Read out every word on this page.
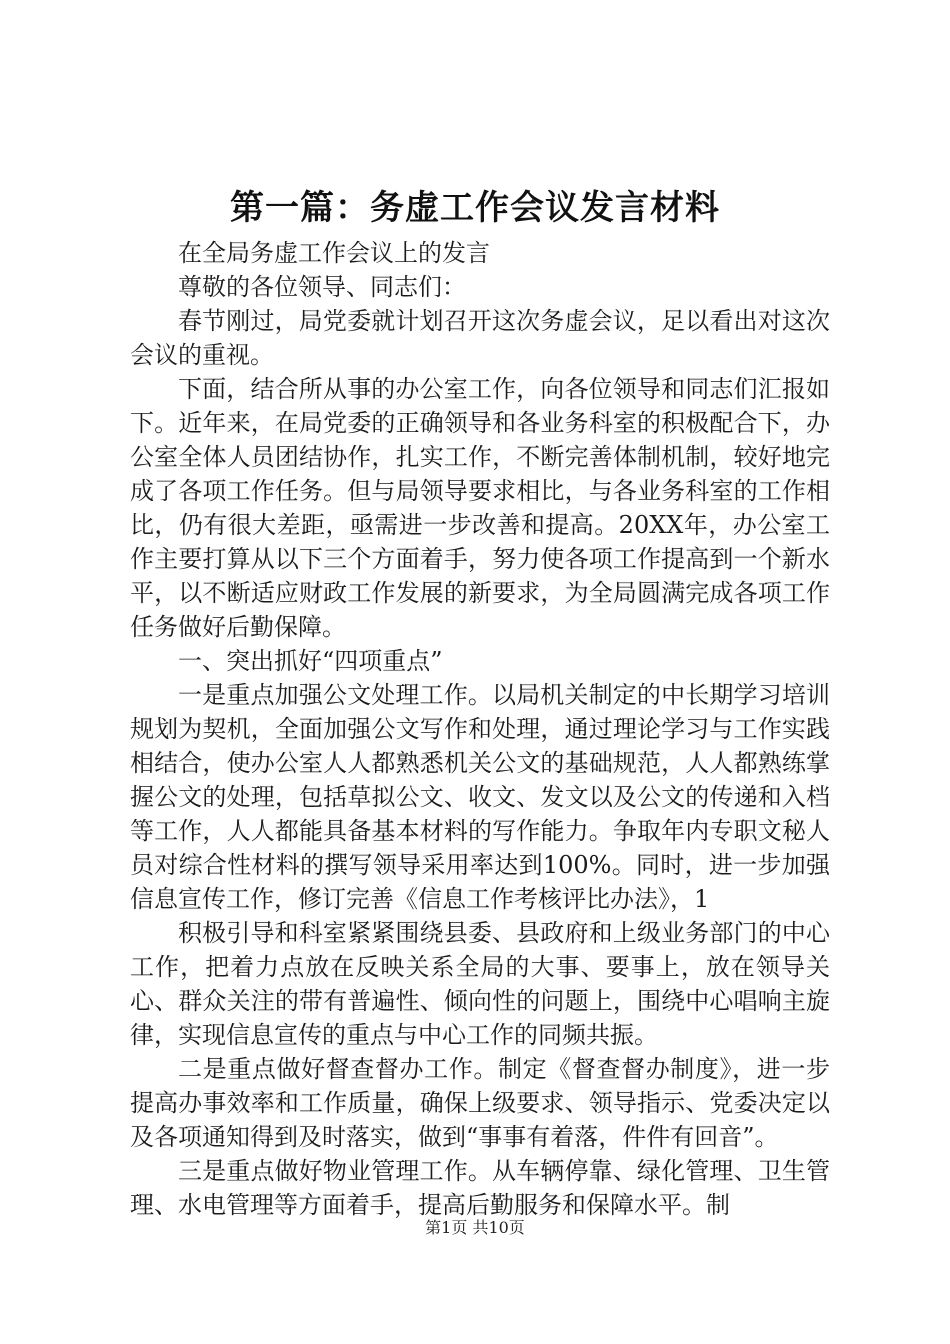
第一篇：务虚工作会议发言材料

在全局务虚工作会议上的发言

尊敬的各位领导、同志们：

春节刚过，局党委就计划召开这次务虚会议，足以看出对这次会议的重视。

下面，结合所从事的办公室工作，向各位领导和同志们汇报如下。近年来，在局党委的正确领导和各业务科室的积极配合下，办公室全体人员团结协作，扎实工作，不断完善体制机制，较好地完成了各项工作任务。但与局领导要求相比，与各业务科室的工作相比，仍有很大差距，亟需进一步改善和提高。20XX年，办公室工作主要打算从以下三个方面着手，努力使各项工作提高到一个新水平，以不断适应财政工作发展的新要求，为全局圆满完成各项工作任务做好后勤保障。

一、突出抓好“四项重点”

一是重点加强公文处理工作。以局机关制定的中长期学习培训规划为契机，全面加强公文写作和处理，通过理论学习与工作实践相结合，使办公室人人都熟悉机关公文的基础规范，人人都熟练掌握公文的处理，包括草拟公文、收文、发文以及公文的传递和入档等工作，人人都能具备基本材料的写作能力。争取年内专职文秘人员对综合性材料的撰写领导采用率达到100%。同时，进一步加强信息宣传工作，修订完善《信息工作考核评比办法》，1

积极引导和科室紧紧围绕县委、县政府和上级业务部门的中心工作，把着力点放在反映关系全局的大事、要事上，放在领导关心、群众关注的带有普遍性、倾向性的问题上，围绕中心唱响主旋律，实现信息宣传的重点与中心工作的同频共振。

二是重点做好督查督办工作。制定《督查督办制度》，进一步提高办事效率和工作质量，确保上级要求、领导指示、党委决定以及各项通知得到及时落实，做到“事事有着落，件件有回音”。

三是重点做好物业管理工作。从车辆停靠、绿化管理、卫生管理、水电管理等方面着手，提高后勤服务和保障水平。制

第1页 共10页
